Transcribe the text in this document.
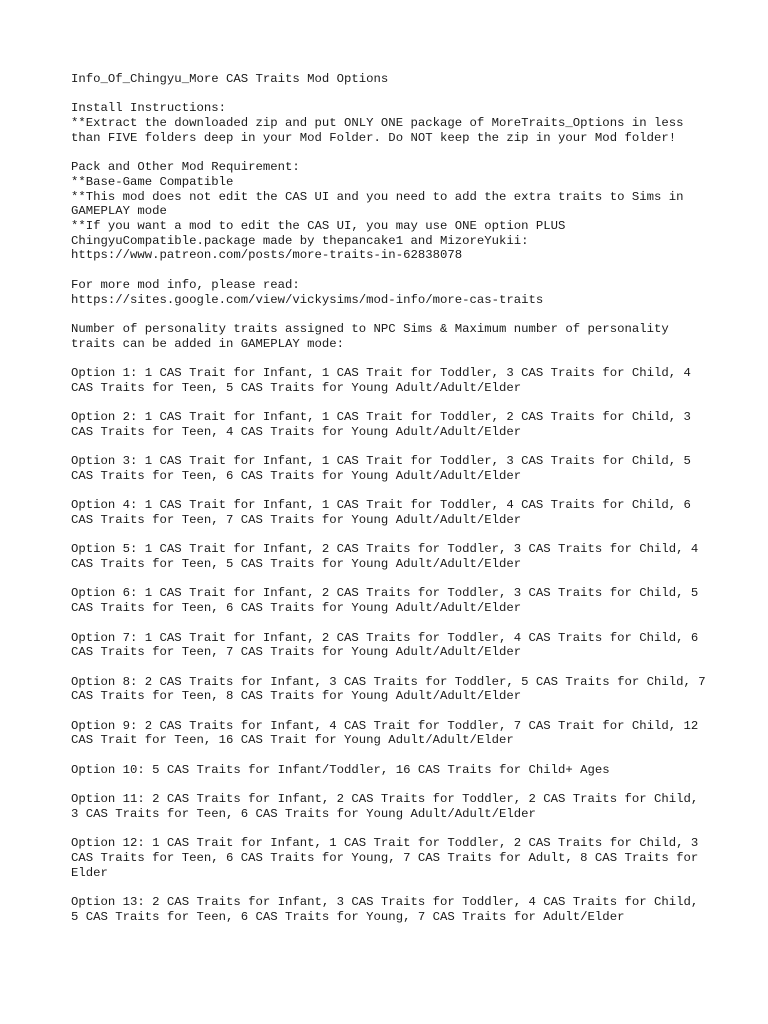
Info_Of_Chingyu_More CAS Traits Mod Options
Install Instructions:
**Extract the downloaded zip and put ONLY ONE package of MoreTraits_Options in less than FIVE folders deep in your Mod Folder. Do NOT keep the zip in your Mod folder!
Pack and Other Mod Requirement:
**Base-Game Compatible
**This mod does not edit the CAS UI and you need to add the extra traits to Sims in GAMEPLAY mode
**If you want a mod to edit the CAS UI, you may use ONE option PLUS ChingyuCompatible.package made by thepancake1 and MizoreYukii:
https://www.patreon.com/posts/more-traits-in-62838078
For more mod info, please read:
https://sites.google.com/view/vickysims/mod-info/more-cas-traits
Number of personality traits assigned to NPC Sims & Maximum number of personality traits can be added in GAMEPLAY mode:
Option 1: 1 CAS Trait for Infant, 1 CAS Trait for Toddler, 3 CAS Traits for Child, 4 CAS Traits for Teen, 5 CAS Traits for Young Adult/Adult/Elder
Option 2: 1 CAS Trait for Infant, 1 CAS Trait for Toddler, 2 CAS Traits for Child, 3 CAS Traits for Teen, 4 CAS Traits for Young Adult/Adult/Elder
Option 3: 1 CAS Trait for Infant, 1 CAS Trait for Toddler, 3 CAS Traits for Child, 5 CAS Traits for Teen, 6 CAS Traits for Young Adult/Adult/Elder
Option 4: 1 CAS Trait for Infant, 1 CAS Trait for Toddler, 4 CAS Traits for Child, 6 CAS Traits for Teen, 7 CAS Traits for Young Adult/Adult/Elder
Option 5: 1 CAS Trait for Infant, 2 CAS Traits for Toddler, 3 CAS Traits for Child, 4 CAS Traits for Teen, 5 CAS Traits for Young Adult/Adult/Elder
Option 6: 1 CAS Trait for Infant, 2 CAS Traits for Toddler, 3 CAS Traits for Child, 5 CAS Traits for Teen, 6 CAS Traits for Young Adult/Adult/Elder
Option 7: 1 CAS Trait for Infant, 2 CAS Traits for Toddler, 4 CAS Traits for Child, 6 CAS Traits for Teen, 7 CAS Traits for Young Adult/Adult/Elder
Option 8: 2 CAS Traits for Infant, 3 CAS Traits for Toddler, 5 CAS Traits for Child, 7 CAS Traits for Teen, 8 CAS Traits for Young Adult/Adult/Elder
Option 9: 2 CAS Traits for Infant, 4 CAS Trait for Toddler, 7 CAS Trait for Child, 12 CAS Trait for Teen, 16 CAS Trait for Young Adult/Adult/Elder
Option 10: 5 CAS Traits for Infant/Toddler, 16 CAS Traits for Child+ Ages
Option 11: 2 CAS Traits for Infant, 2 CAS Traits for Toddler, 2 CAS Traits for Child, 3 CAS Traits for Teen, 6 CAS Traits for Young Adult/Adult/Elder
Option 12: 1 CAS Trait for Infant, 1 CAS Trait for Toddler, 2 CAS Traits for Child, 3 CAS Traits for Teen, 6 CAS Traits for Young, 7 CAS Traits for Adult, 8 CAS Traits for Elder
Option 13: 2 CAS Traits for Infant, 3 CAS Traits for Toddler, 4 CAS Traits for Child, 5 CAS Traits for Teen, 6 CAS Traits for Young, 7 CAS Traits for Adult/Elder
